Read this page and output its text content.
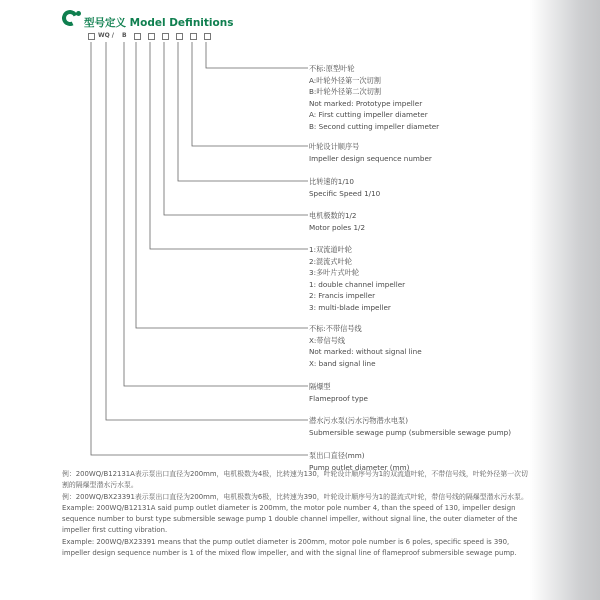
型号定义 Model Definitions
WQ / B
不标:原型叶轮
A:叶轮外径第一次切割
B:叶轮外径第二次切割
Not marked: Prototype impeller
A: First cutting impeller diameter
B: Second cutting impeller diameter
叶轮设计顺序号
Impeller design sequence number
比转速的1/10
Specific Speed 1/10
电机极数的1/2
Motor poles 1/2
1:双流道叶轮
2:混流式叶轮
3:多叶片式叶轮
1: double channel impeller
2: Francis impeller
3: multi-blade impeller
不标:不带信号线
X:带信号线
Not marked: without signal line
X: band signal line
隔爆型
Flameproof type
潜水污水泵(污水污物潜水电泵)
Submersible sewage pump (submersible sewage pump)
泵出口直径(mm)
Pump outlet diameter (mm)

例：200WQ/B12131A表示泵出口直径为200mm，电机极数为4极，比转速为130，叶轮设计顺序号为1的双流道叶轮，不带信号线，叶轮外径第一次切割的隔爆型潜水污水泵。

例：200WQ/BX23391表示泵出口直径为200mm，电机极数为6极，比转速为390，叶轮设计顺序号为1的混流式叶轮，带信号线的隔爆型潜水污水泵。

Example: 200WQ/B12131A said pump outlet diameter is 200mm, the motor pole number 4, than the speed of 130, impeller design sequence number to burst type submersible sewage pump 1 double channel impeller, without signal line, the outer diameter of the impeller first cutting vibration.

Example: 200WQ/BX23391 means that the pump outlet diameter is 200mm, motor pole number is 6 poles, specific speed is 390, impeller design sequence number is 1 of the mixed flow impeller, and with the signal line of flameproof submersible sewage pump.
